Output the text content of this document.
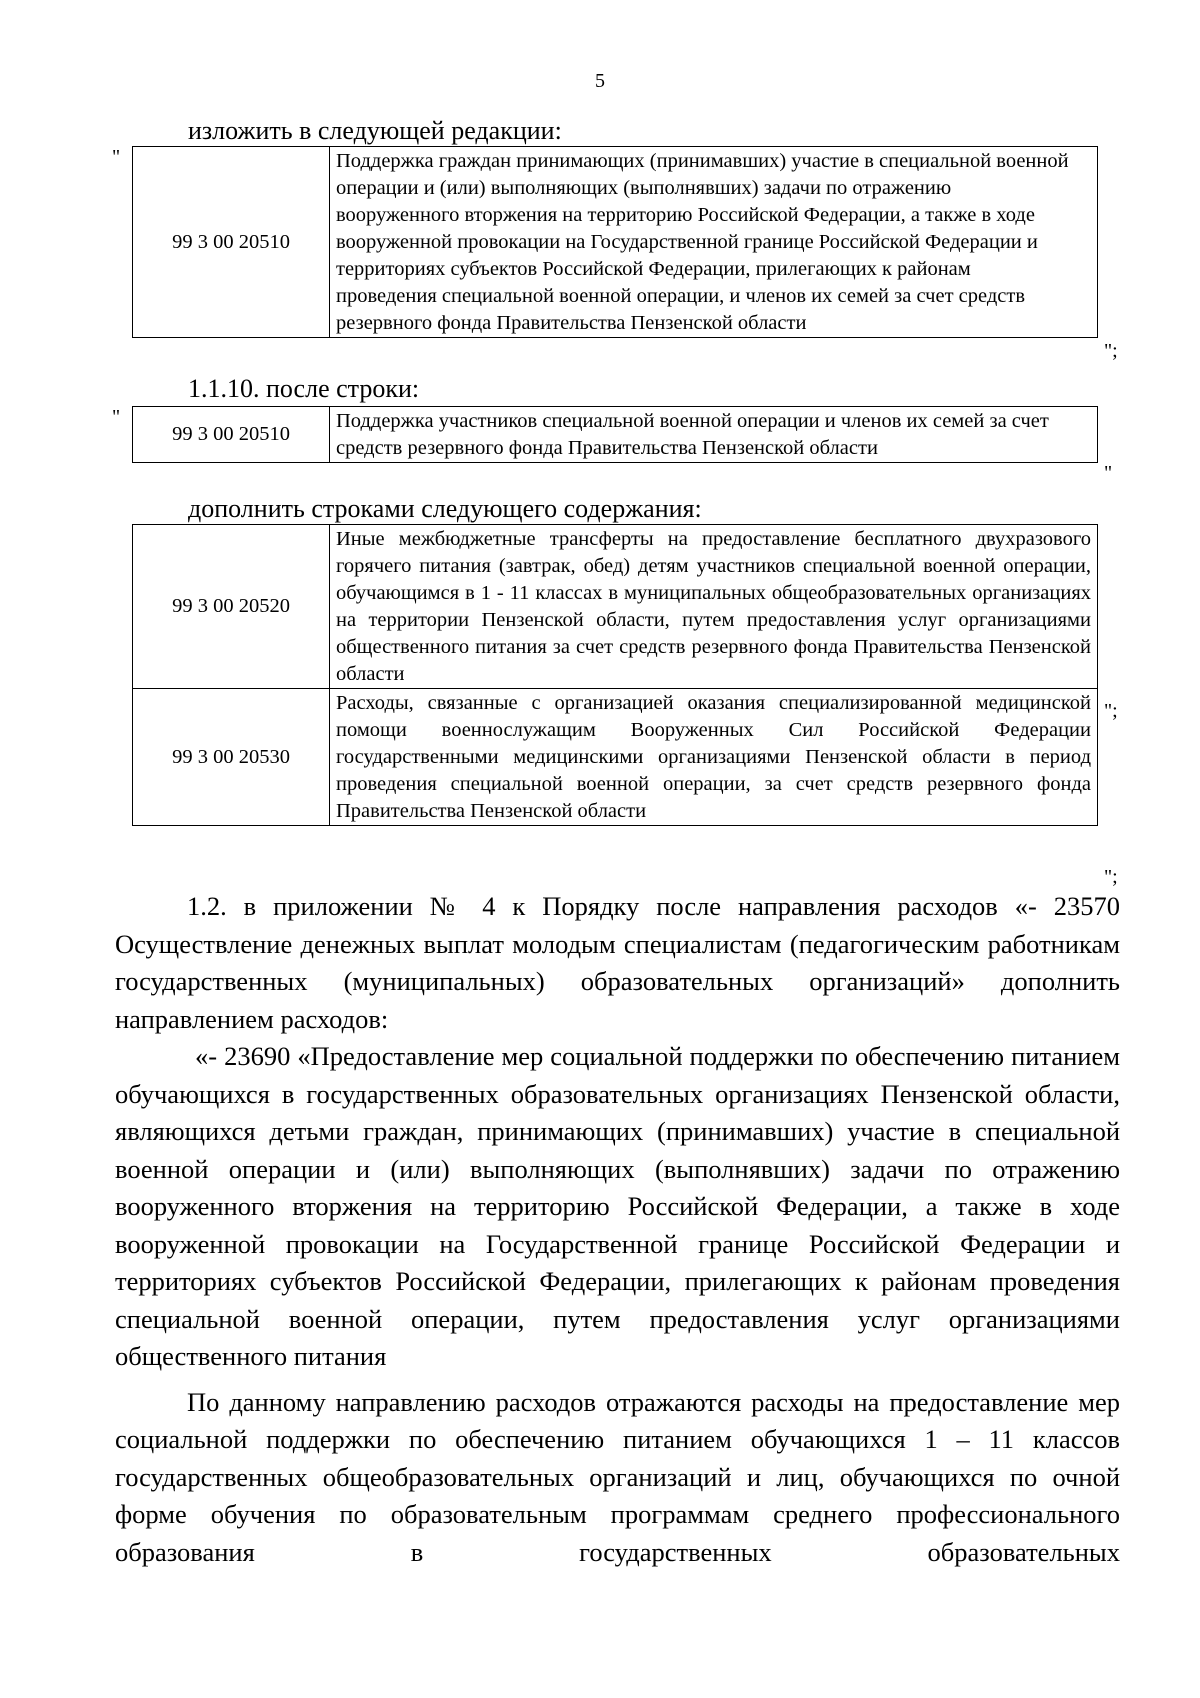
5
изложить в следующей редакции:
"
99 3 00 20510	Поддержка граждан принимающих (принимавших) участие в специальной военной операции и (или) выполняющих (выполнявших) задачи по отражению вооруженного вторжения на территорию Российской Федерации, а также в ходе вооруженной провокации на Государственной границе Российской Федерации и территориях субъектов Российской Федерации, прилегающих к районам проведения специальной военной операции, и членов их семей за счет средств резервного фонда Правительства Пензенской области
";
1.1.10. после строки:
"
99 3 00 20510	Поддержка участников специальной военной операции и членов их семей за счет средств резервного фонда Правительства Пензенской области
"
дополнить строками следующего содержания:
99 3 00 20520	Иные межбюджетные трансферты на предоставление бесплатного двухразового горячего питания (завтрак, обед) детям участников специальной военной операции, обучающимся в 1 - 11 классах в муниципальных общеобразовательных организациях на территории Пензенской области, путем предоставления услуг организациями общественного питания за счет средств резервного фонда Правительства Пензенской области
99 3 00 20530	Расходы, связанные с организацией оказания специализированной медицинской помощи военнослужащим Вооруженных Сил Российской Федерации государственными медицинскими организациями Пензенской области в период проведения специальной военной операции, за счет средств резервного фонда Правительства Пензенской области
";
";

1.2. в приложении № 4 к Порядку после направления расходов «- 23570 Осуществление денежных выплат молодым специалистам (педагогическим работникам государственных (муниципальных) образовательных организаций» дополнить направлением расходов:

«- 23690 «Предоставление мер социальной поддержки по обеспечению питанием обучающихся в государственных образовательных организациях Пензенской области, являющихся детьми граждан, принимающих (принимавших) участие в специальной военной операции и (или) выполняющих (выполнявших) задачи по отражению вооруженного вторжения на территорию Российской Федерации, а также в ходе вооруженной провокации на Государственной границе Российской Федерации и территориях субъектов Российской Федерации, прилегающих к районам проведения специальной военной операции, путем предоставления услуг организациями общественного питания

По данному направлению расходов отражаются расходы на предоставление мер социальной поддержки по обеспечению питанием обучающихся 1 – 11 классов государственных общеобразовательных организаций и лиц, обучающихся по очной форме обучения по образовательным программам среднего профессионального образования в государственных образовательных
